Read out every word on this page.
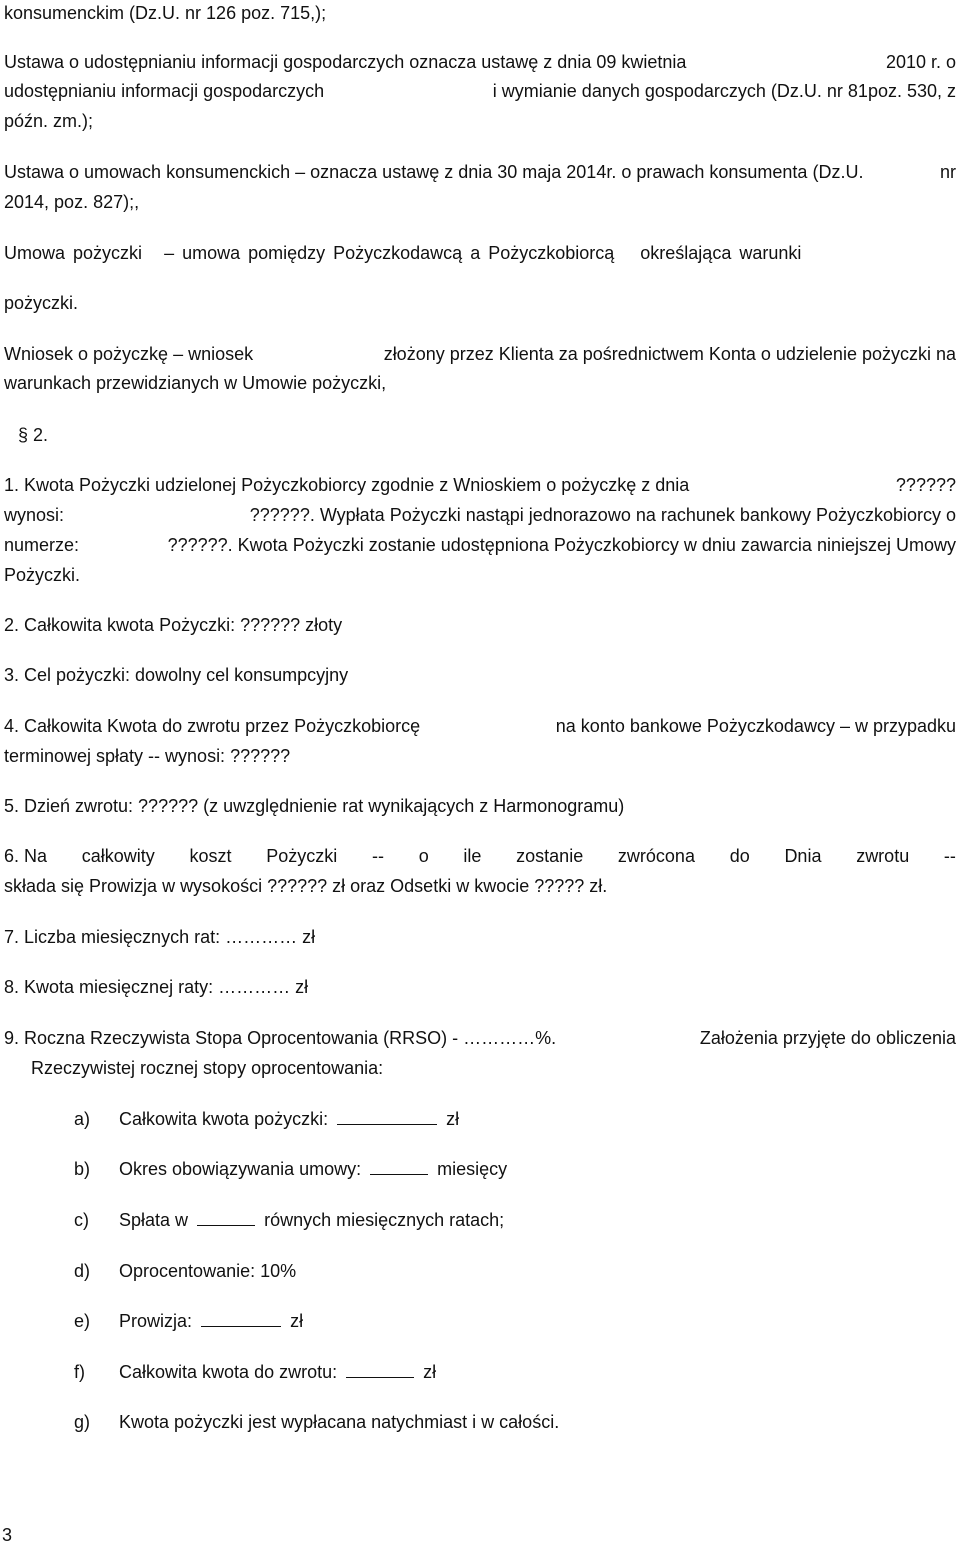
konsumenckim (Dz.U. nr 126 poz. 715,);
Ustawa o udostępnianiu informacji gospodarczych oznacza ustawę z dnia 09 kwietnia	2010 r. o
udostępnianiu informacji gospodarczych	i wymianie danych gospodarczych (Dz.U. nr 81poz. 530, z
późn. zm.);
Ustawa o umowach konsumenckich – oznacza ustawę z dnia 30 maja 2014r. o prawach konsumenta (Dz.U.	nr
2014, poz. 827);,
Umowa pożyczki – umowa pomiędzy Pożyczkodawcą a Pożyczkobiorcą określająca warunki
pożyczki.
Wniosek o pożyczkę – wniosek	złożony przez Klienta za pośrednictwem Konta o udzielenie pożyczki na
warunkach przewidzianych w Umowie pożyczki,
§ 2.
1. Kwota Pożyczki udzielonej Pożyczkobiorcy zgodnie z Wnioskiem o pożyczkę z dnia	??????
wynosi:	??????. Wypłata Pożyczki nastąpi jednorazowo na rachunek bankowy Pożyczkobiorcy o
numerze:	??????. Kwota Pożyczki zostanie udostępniona Pożyczkobiorcy w dniu zawarcia niniejszej Umowy
Pożyczki.
2. Całkowita kwota Pożyczki: ?????? złoty
3. Cel pożyczki: dowolny cel konsumpcyjny
4. Całkowita Kwota do zwrotu przez Pożyczkobiorcę	na konto bankowe Pożyczkodawcy – w przypadku
terminowej spłaty -- wynosi: ??????
5. Dzień zwrotu: ?????? (z uwzględnienie rat wynikających z Harmonogramu)
6. Na całkowity koszt Pożyczki -- o ile zostanie zwrócona do Dnia zwrotu --
składa się Prowizja w wysokości ?????? zł oraz Odsetki w kwocie ????? zł.
7. Liczba miesięcznych rat: ………… zł
8. Kwota miesięcznej raty: ………… zł
9. Roczna Rzeczywista Stopa Oprocentowania (RRSO) - …………%.	Założenia przyjęte do obliczenia
Rzeczywistej rocznej stopy oprocentowania:
a) Całkowita kwota pożyczki:	zł
b) Okres obowiązywania umowy:	miesięcy
c) Spłata w	równych miesięcznych ratach;
d) Oprocentowanie: 10%
e) Prowizja:	zł
f) Całkowita kwota do zwrotu:	zł
g) Kwota pożyczki jest wypłacana natychmiast i w całości.
3
